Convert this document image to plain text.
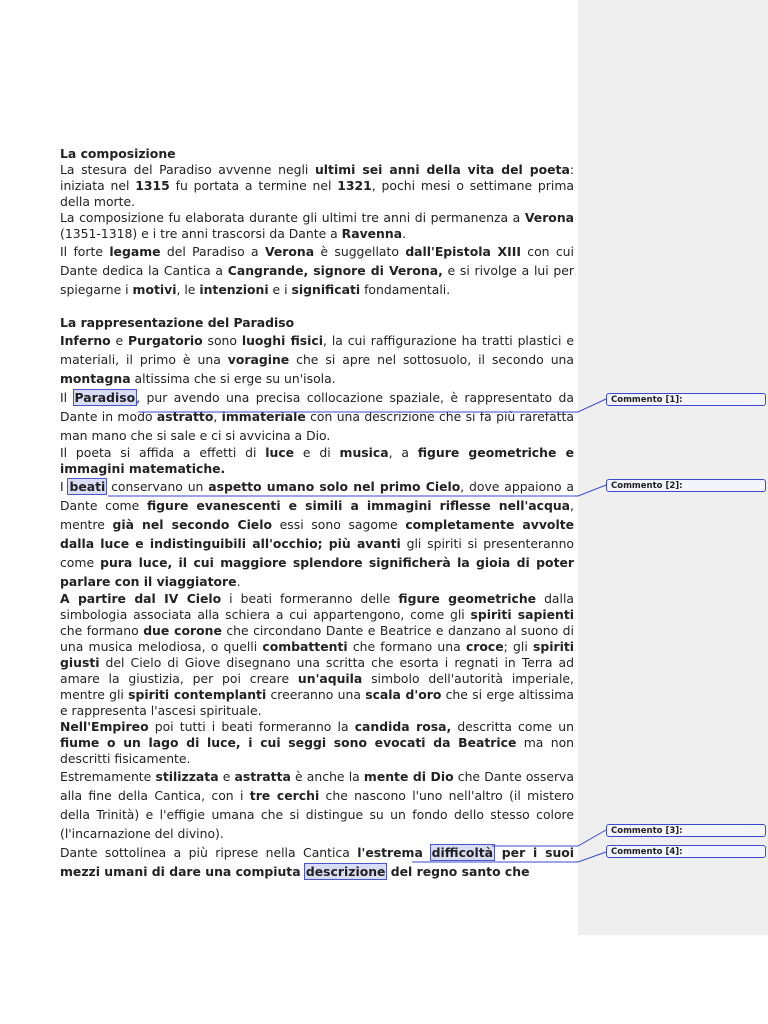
La composizione

La stesura del Paradiso avvenne negli ultimi sei anni della vita del poeta: iniziata nel 1315 fu portata a termine nel 1321, pochi mesi o settimane prima della morte.

La composizione fu elaborata durante gli ultimi tre anni di permanenza a Verona (1351-1318) e i tre anni trascorsi da Dante a Ravenna.

Il forte legame del Paradiso a Verona è suggellato dall'Epistola XIII con cui Dante dedica la Cantica a Cangrande, signore di Verona, e si rivolge a lui per spiegarne i motivi, le intenzioni e i significati fondamentali.

La rappresentazione del Paradiso

Inferno e Purgatorio sono luoghi fisici, la cui raffigurazione ha tratti plastici e materiali, il primo è una voragine che si apre nel sottosuolo, il secondo una montagna altissima che si erge su un'isola.

Il Paradiso, pur avendo una precisa collocazione spaziale, è rappresentato da Dante in modo astratto, immateriale con una descrizione che si fa più rarefatta man mano che si sale e ci si avvicina a Dio.

Il poeta si affida a effetti di luce e di musica, a figure geometriche e immagini matematiche.

I beati conservano un aspetto umano solo nel primo Cielo, dove appaiono a Dante come figure evanescenti e simili a immagini riflesse nell'acqua, mentre già nel secondo Cielo essi sono sagome completamente avvolte dalla luce e indistinguibili all'occhio; più avanti gli spiriti si presenteranno come pura luce, il cui maggiore splendore significherà la gioia di poter parlare con il viaggiatore.

A partire dal IV Cielo i beati formeranno delle figure geometriche dalla simbologia associata alla schiera a cui appartengono, come gli spiriti sapienti che formano due corone che circondano Dante e Beatrice e danzano al suono di una musica melodiosa, o quelli combattenti che formano una croce; gli spiriti giusti del Cielo di Giove disegnano una scritta che esorta i regnati in Terra ad amare la giustizia, per poi creare un'aquila simbolo dell'autorità imperiale, mentre gli spiriti contemplanti creeranno una scala d'oro che si erge altissima e rappresenta l'ascesi spirituale.

Nell'Empireo poi tutti i beati formeranno la candida rosa, descritta come un fiume o un lago di luce, i cui seggi sono evocati da Beatrice ma non descritti fisicamente.

Estremamente stilizzata e astratta è anche la mente di Dio che Dante osserva alla fine della Cantica, con i tre cerchi che nascono l'uno nell'altro (il mistero della Trinità) e l'effigie umana che si distingue su un fondo dello stesso colore (l'incarnazione del divino).

Dante sottolinea a più riprese nella Cantica l'estrema difficoltà per i suoi mezzi umani di dare una compiuta descrizione del regno santo che

Commento [1]:
Commento [2]:
Commento [3]:
Commento [4]:
